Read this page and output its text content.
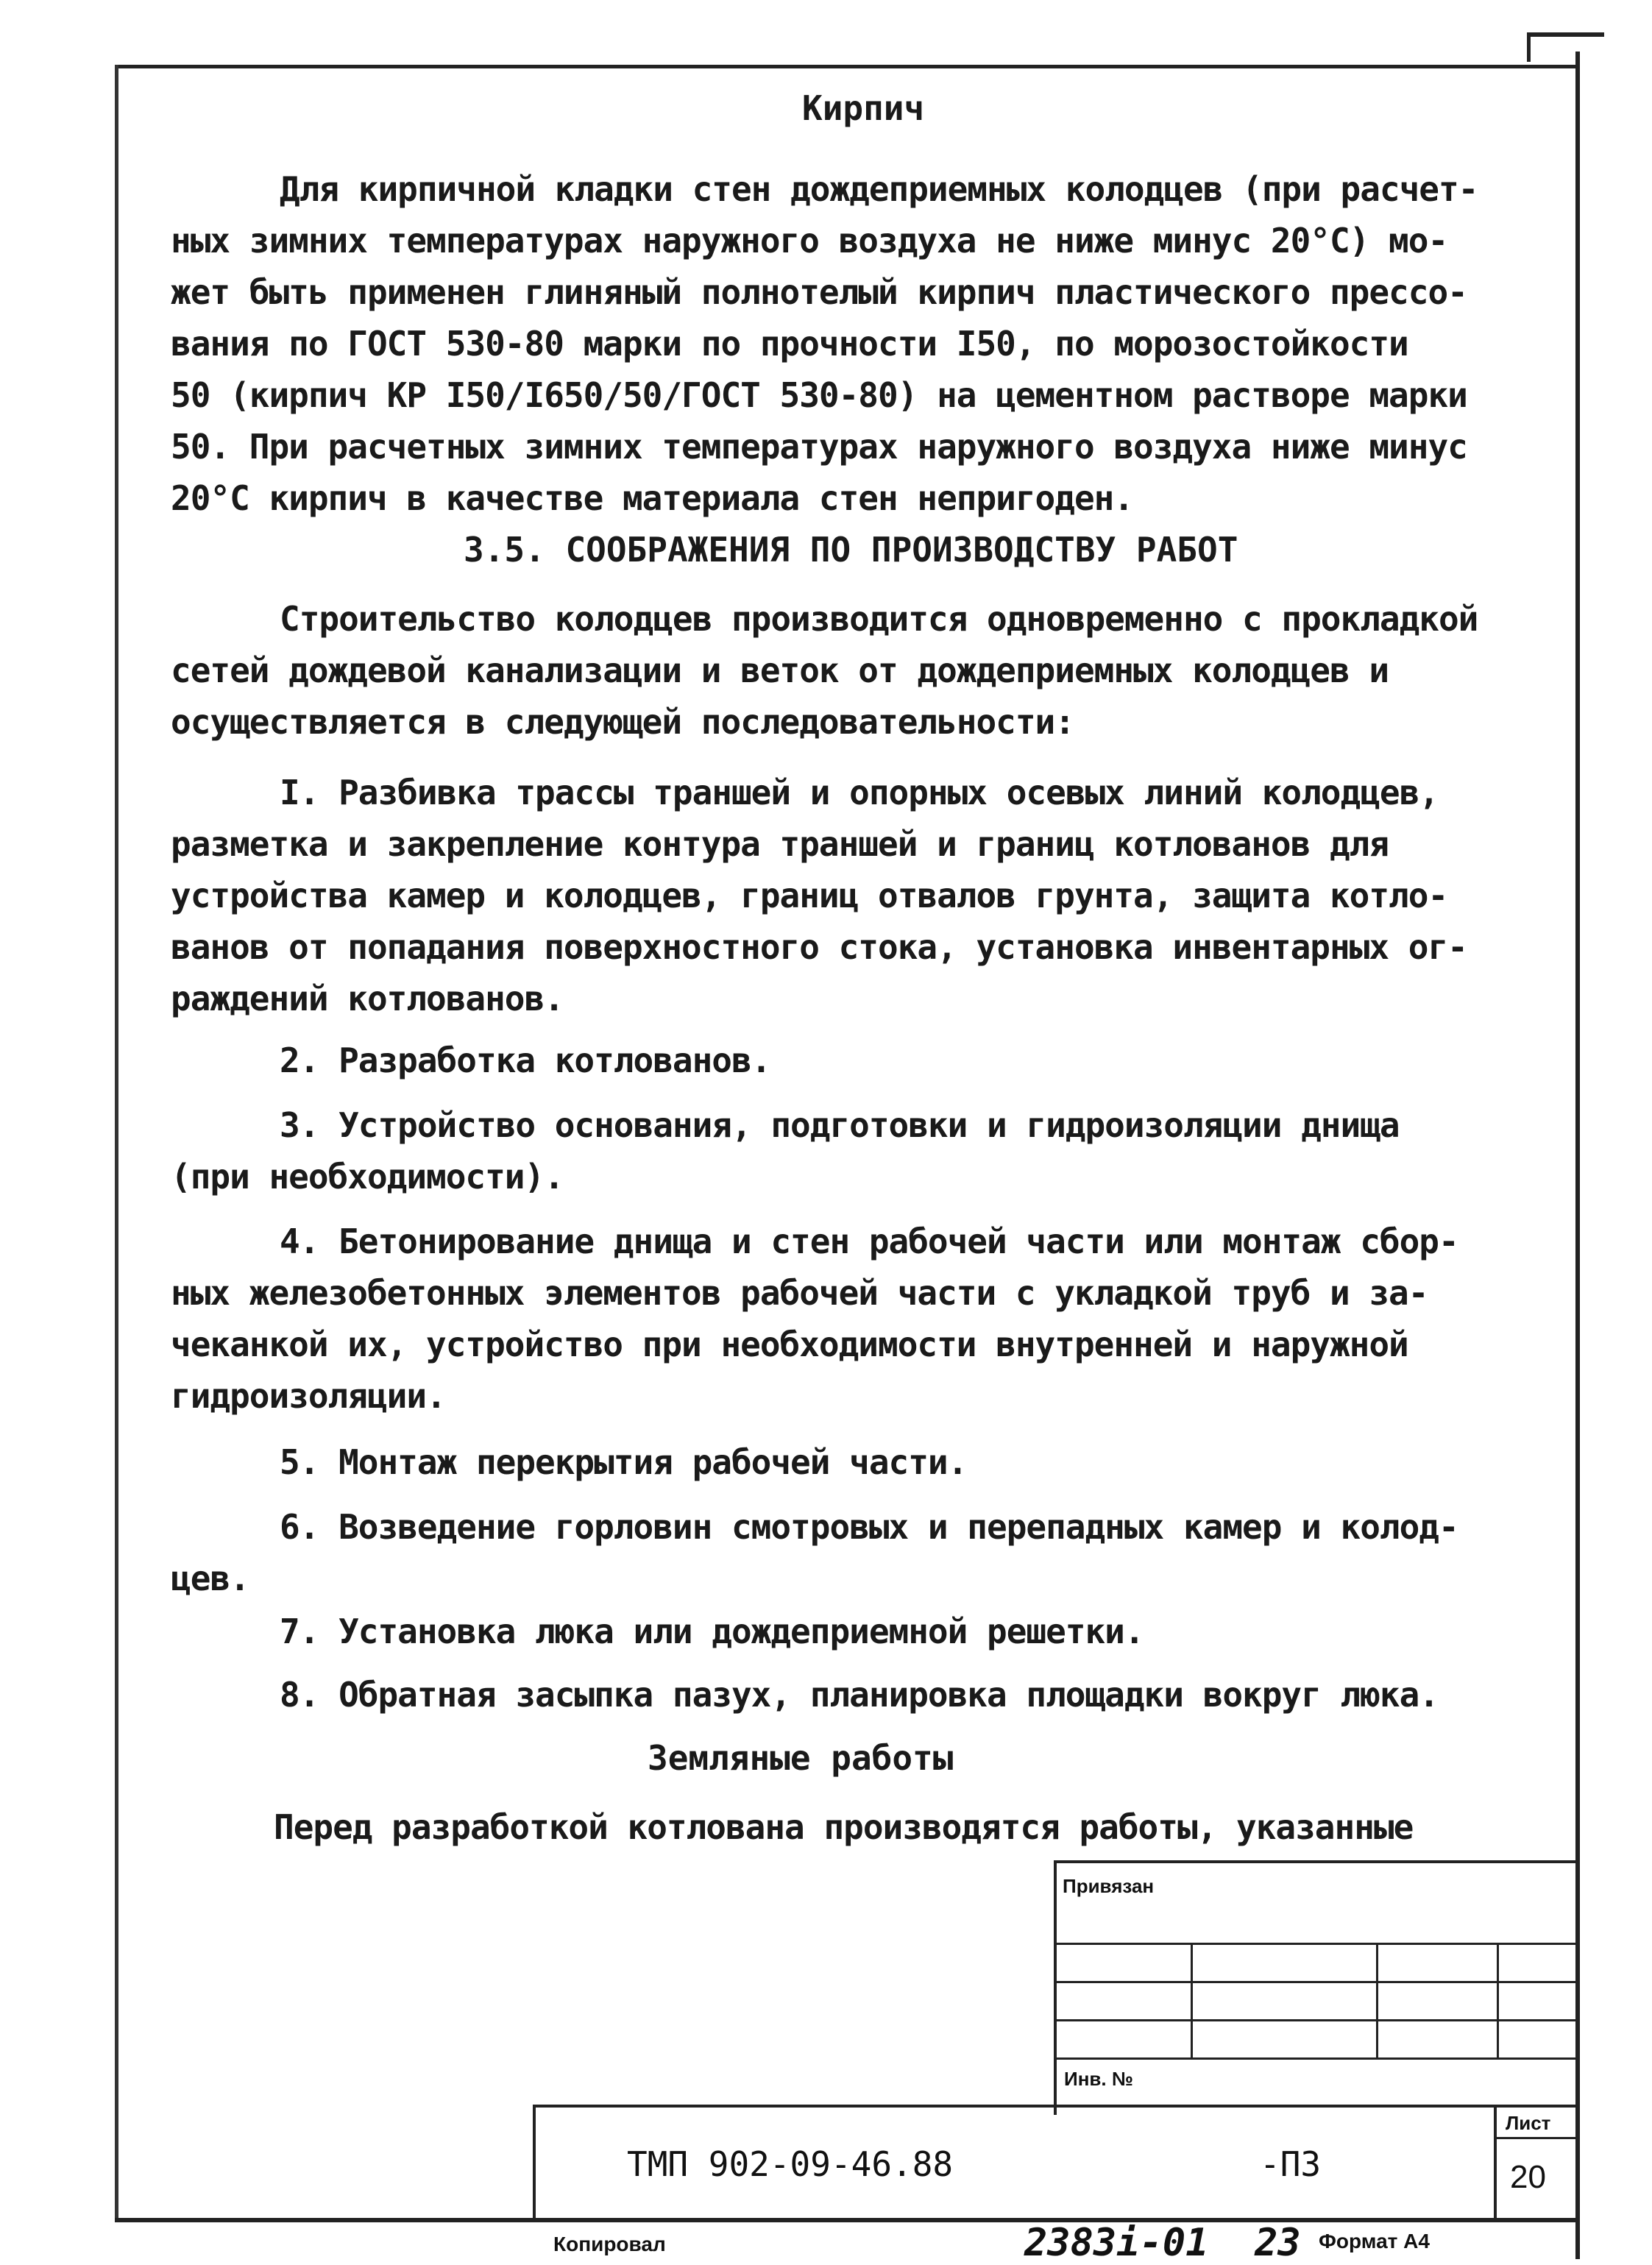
Кирпич
Для кирпичной кладки стен дождеприемных колодцев (при расчет-
ных зимних температурах наружного воздуха не ниже минус 20°С) мо-
жет быть применен глиняный полнотелый кирпич пластического прессо-
вания по ГОСТ 530-80 марки по прочности I50, по морозостойкости
50 (кирпич КР I50/I650/50/ГОСТ 530-80) на цементном растворе марки
50. При расчетных зимних температурах наружного воздуха ниже минус
20°С кирпич в качестве материала стен непригоден.
3.5. СООБРАЖЕНИЯ ПО ПРОИЗВОДСТВУ РАБОТ
Строительство колодцев производится одновременно с прокладкой
сетей дождевой канализации и веток от дождеприемных колодцев и
осуществляется в следующей последовательности:
I. Разбивка трассы траншей и опорных осевых линий колодцев,
разметка и закрепление контура траншей и границ котлованов для
устройства камер и колодцев, границ отвалов грунта, защита котло-
ванов от попадания поверхностного стока, установка инвентарных ог-
раждений котлованов.
2. Разработка котлованов.
3. Устройство основания, подготовки и гидроизоляции днища
(при необходимости).
4. Бетонирование днища и стен рабочей части или монтаж сбор-
ных железобетонных элементов рабочей части с укладкой труб и за-
чеканкой их, устройство при необходимости внутренней и наружной
гидроизоляции.
5. Монтаж перекрытия рабочей части.
6. Возведение горловин смотровых и перепадных камер и колод-
цев.
7. Установка люка или дождеприемной решетки.
8. Обратная засыпка пазух, планировка площадки вокруг люка.
Земляные работы
Перед разработкой котлована производятся работы, указанные
Привязан
Инв. №
ТМП 902-09-46.88	-ПЗ
Лист
20
Копировал	2383i-01  23 Формат А4
